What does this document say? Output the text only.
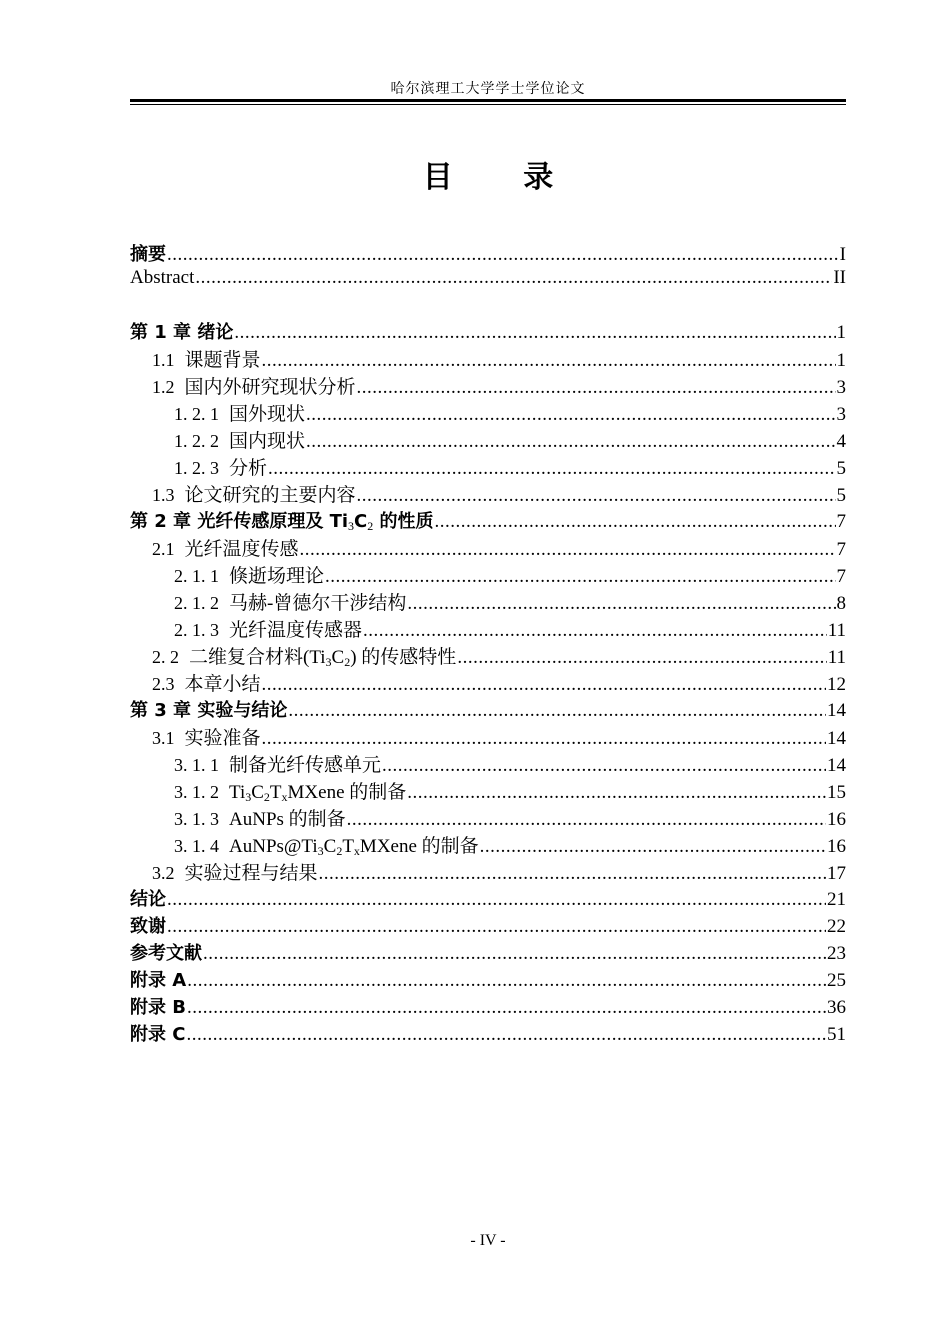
哈尔滨理工大学学士学位论文
目 录
摘要 .....	I
Abstract .....	II
第 1 章 绪论 .....	1
1.1 课题背景 .....	1
1.2 国内外研究现状分析 .....	3
1. 2. 1 国外现状 .....	3
1. 2. 2 国内现状 .....	4
1. 2. 3 分析 .....	5
1.3 论文研究的主要内容 .....	5
第 2 章 光纤传感原理及 $Ti_3C_2$ 的性质 .....	7
2.1 光纤温度传感 .....	7
2. 1. 1 倏逝场理论 .....	7
2. 1. 2 马赫-曾德尔干涉结构 .....	8
2. 1. 3 光纤温度传感器 .....	11
2. 2 二维复合材料$(Ti_3C_2)$ 的传感特性 .....	11
2.3 本章小结 .....	12
第 3 章 实验与结论 .....	14
3.1 实验准备 .....	14
3. 1. 1 制备光纤传感单元 .....	14
3. 1. 2 $Ti_3C_2T_xMXene$ 的制备 .....	15
3. 1. 3 AuNPs 的制备 .....	16
3. 1. 4 $AuNPs@Ti_3C_2T_xMXene$ 的制备 .....	16
3.2 实验过程与结果 .....	17
结论 .....	21
致谢 .....	22
参考文献 .....	23
附录 A .....	25
附录 B .....	36
附录 C .....	51
- IV -
